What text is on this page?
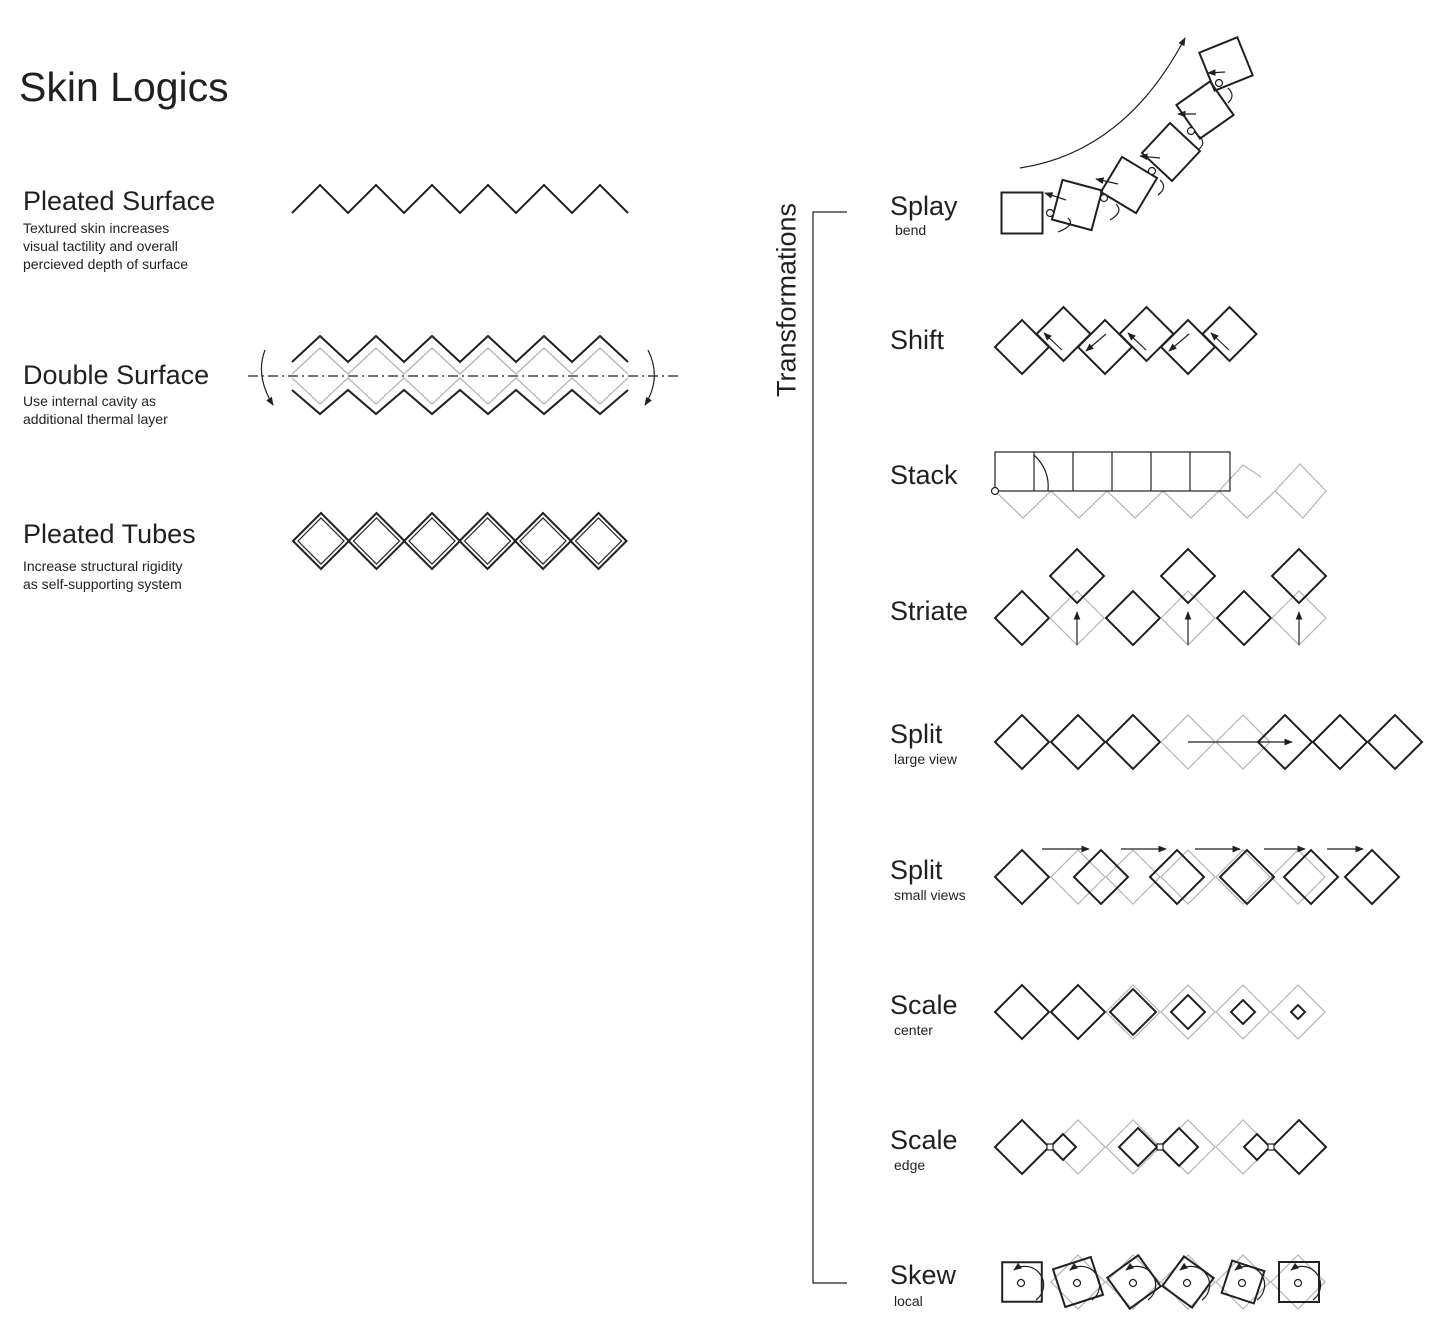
Skin Logics
Pleated Surface
Textured skin increases
visual tactility and overall
percieved depth of surface
Double Surface
Use internal cavity as
additional thermal layer
Pleated Tubes
Increase structural rigidity
as self-supporting system
Transformations	Splay
bend
Shift
Stack
Striate
Split
large view
Split
small views
Scale
center
Scale
edge
Skew
local
